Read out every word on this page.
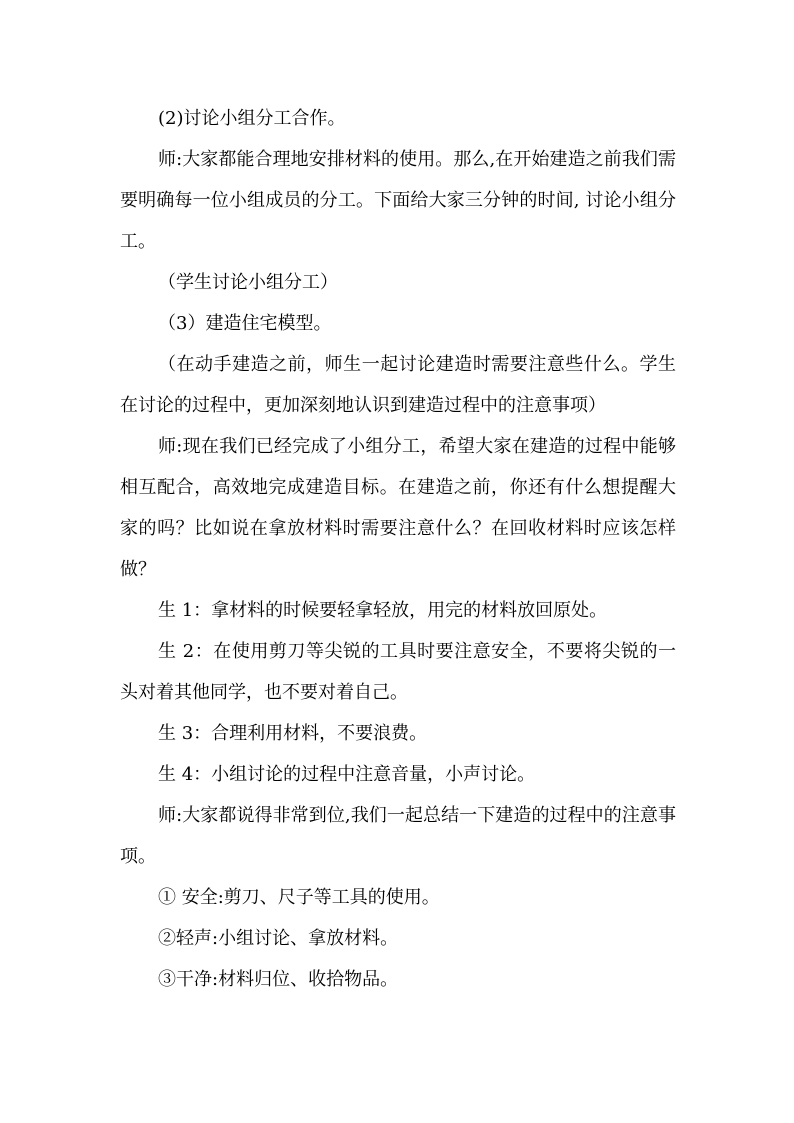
(2)讨论小组分工合作。

师:大家都能合理地安排材料的使用。那么,在开始建造之前我们需要明确每一位小组成员的分工。下面给大家三分钟的时间, 讨论小组分工。

（学生讨论小组分工）

（3）建造住宅模型。

（在动手建造之前，师生一起讨论建造时需要注意些什么。学生在讨论的过程中，更加深刻地认识到建造过程中的注意事项）

师:现在我们已经完成了小组分工，希望大家在建造的过程中能够相互配合，高效地完成建造目标。在建造之前，你还有什么想提醒大家的吗？比如说在拿放材料时需要注意什么？在回收材料时应该怎样做？

生 1：拿材料的时候要轻拿轻放，用完的材料放回原处。

生 2：在使用剪刀等尖锐的工具时要注意安全，不要将尖锐的一头对着其他同学，也不要对着自己。

生 3：合理利用材料，不要浪费。

生 4：小组讨论的过程中注意音量，小声讨论。

师:大家都说得非常到位,我们一起总结一下建造的过程中的注意事项。

① 安全:剪刀、尺子等工具的使用。

②轻声:小组讨论、拿放材料。

③干净:材料归位、收拾物品。
